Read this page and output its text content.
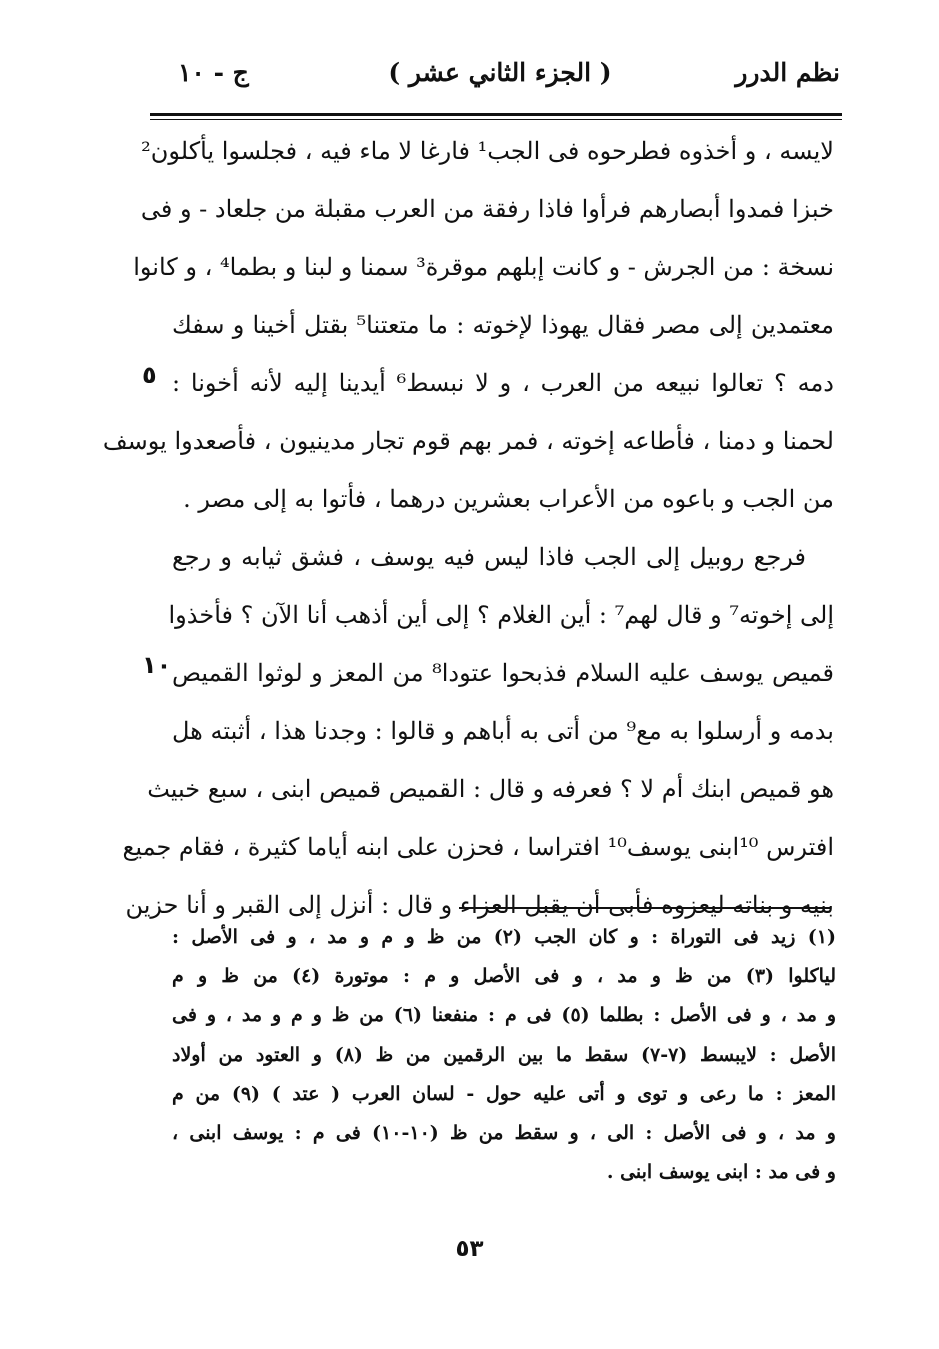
نظم الدرر
( الجزء الثاني عشر )
ج - ١٠
لايسه ، و أخذوه فطرحوه فى الجب¹ فارغا لا ماء فيه ، فجلسوا يأكلون²
خبزا فمدوا أبصارهم فرأوا فاذا رفقة من العرب مقبلة من جلعاد - و فى
نسخة : من الجرش - و كانت إبلهم موقرة³ سمنا و لبنا و بطما⁴ ، و كانوا
معتمدين إلى مصر فقال يهوذا لإخوته : ما متعتنا⁵ بقتل أخينا و سفك
دمه ؟ تعالوا نبيعه من العرب ، و لا نبسط⁶ أيدينا إليه لأنه أخونا :
لحمنا و دمنا ، فأطاعه إخوته ، فمر بهم قوم تجار مدينيون ، فأصعدوا يوسف
من الجب و باعوه من الأعراب بعشرين درهما ، فأتوا به إلى مصر .
فرجع روبيل إلى الجب فاذا ليس فيه يوسف ، فشق ثيابه و رجع
إلى إخوته⁷ و قال لهم⁷ : أين الغلام ؟ إلى أين أذهب أنا الآن ؟ فأخذوا
قميص يوسف عليه السلام فذبحوا عتودا⁸ من المعز و لوثوا القميص
بدمه و أرسلوا به مع⁹ من أتى به أباهم و قالوا : وجدنا هذا ، أثبته هل
هو قميص ابنك أم لا ؟ فعرفه و قال : القميص قميص ابنى ، سبع خبيث
افترس ¹⁰ابنى يوسف¹⁰ افتراسا ، فحزن على ابنه أياما كثيرة ، فقام جميع
بنيه و بناته ليعزوه فأبى أن يقبل العزاء و قال : أنزل إلى القبر و أنا حزين
٥
١٠
(١) زيد فى التوراة : و كان الجب (٢) من ظ و م و مد ، و فى الأصل :
لياكلوا (٣) من ظ و مد ، و فى الأصل و م : موتورة (٤) من ظ و م
و مد ، و فى الأصل : بطلما (٥) فى م : منفعنا (٦) من ظ و م و مد ، و فى
الأصل : لايبسط (٧-٧) سقط ما بين الرقمين من ظ (٨) و العتود من أولاد
المعز : ما رعى و توى و أتى عليه حول - لسان العرب ( عتد ) (٩) من م
و مد ، و فى الأصل : الى ، و سقط من ظ (١٠-١٠) فى م : يوسف ابنى ،
و فى مد : ابنى يوسف ابنى .
٥٣
